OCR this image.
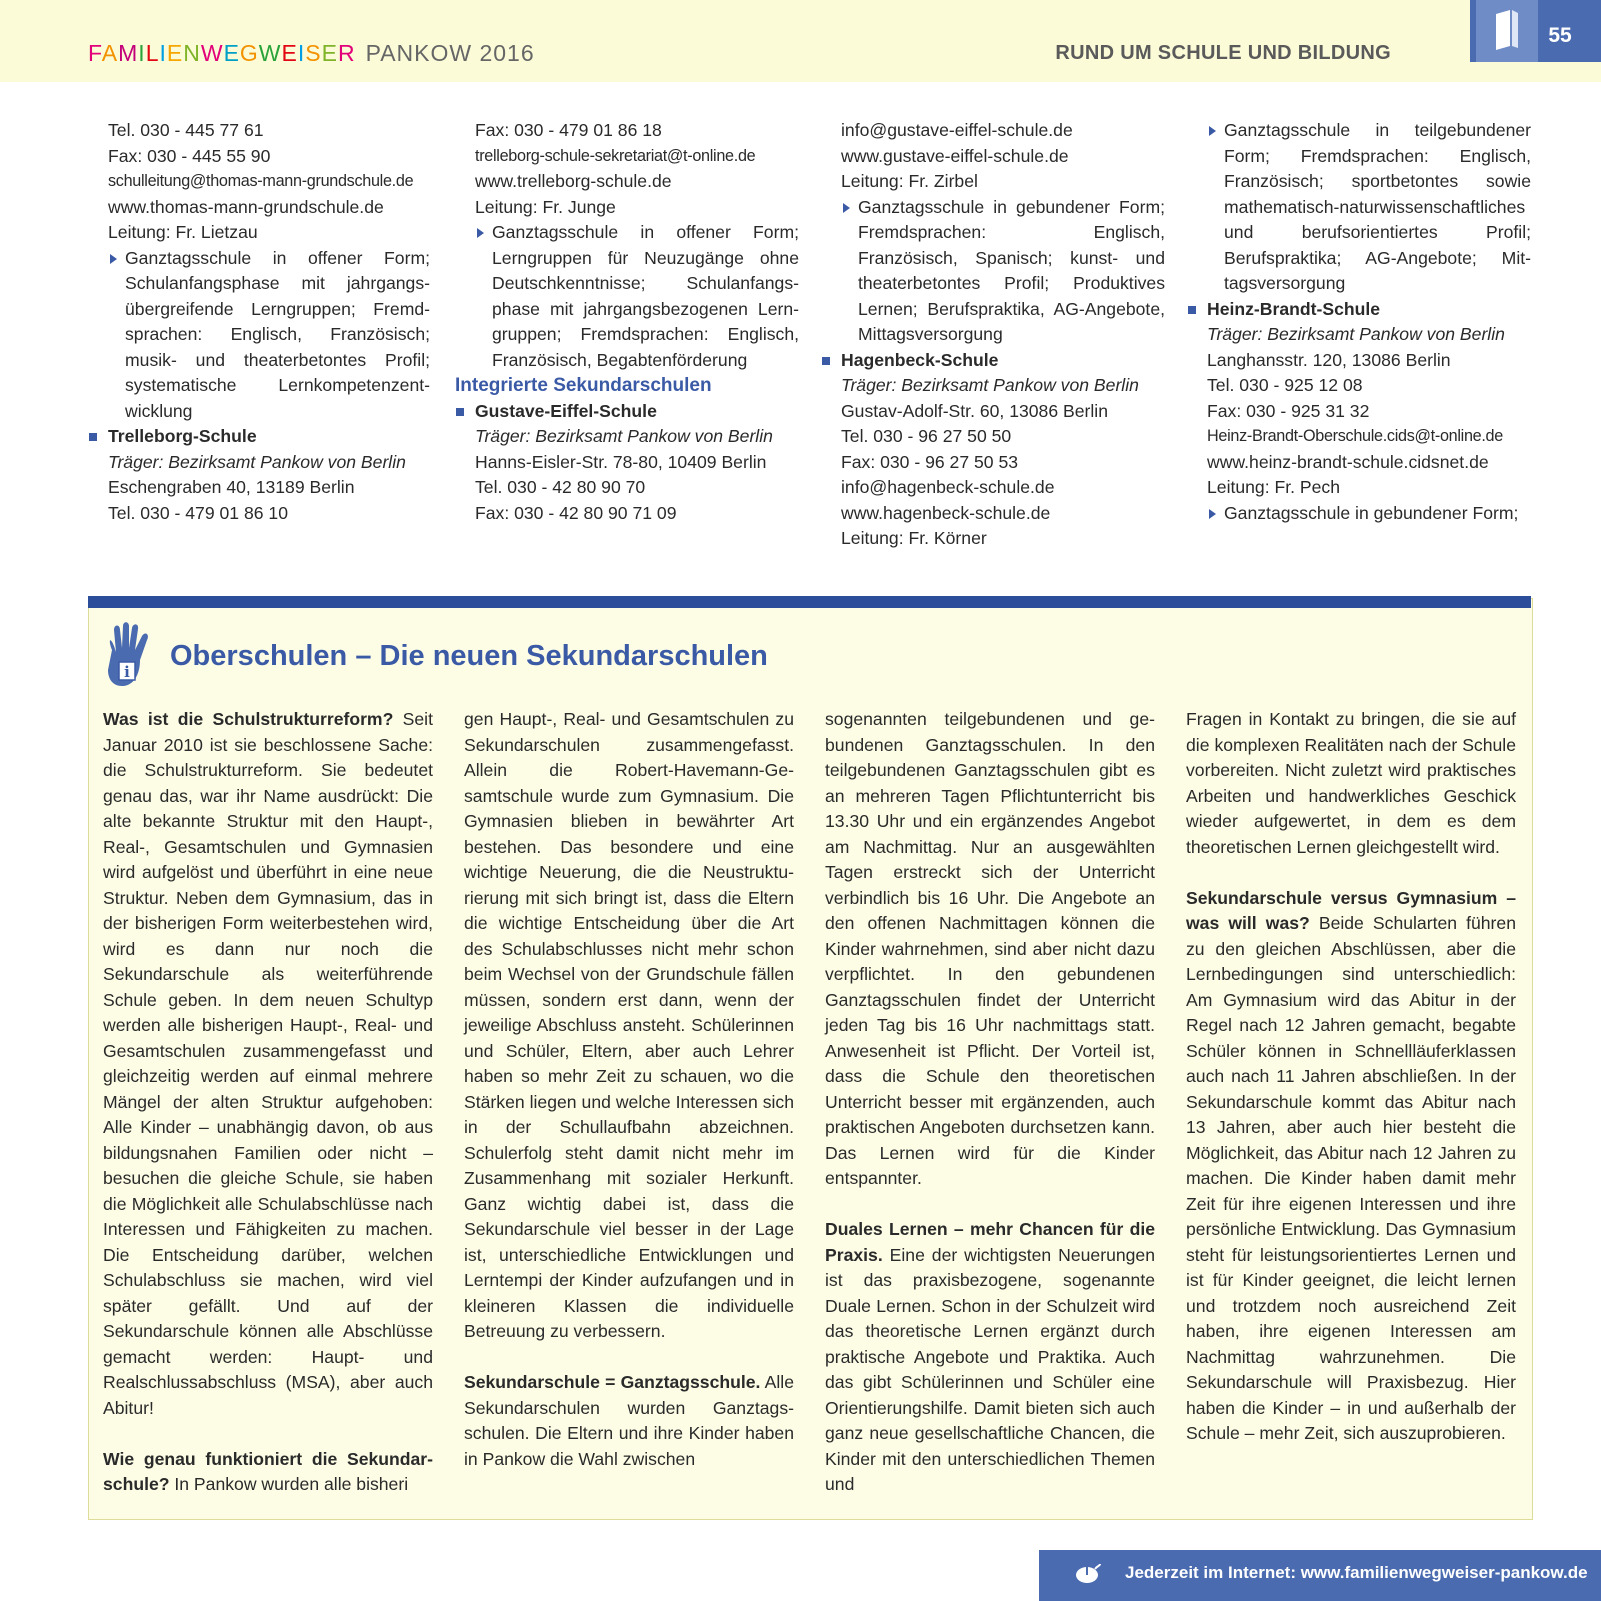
FAMILIENWEGWEISER PANKOW 2016	RUND UM SCHULE UND BILDUNG
55

Tel. 030 - 445 77 61

Fax: 030 - 445 55 90

schulleitung@thomas-mann-grundschule.de

www.thomas-mann-grundschule.de

Leitung: Fr. Lietzau

Ganztagsschule in offener Form; Schulanfangsphase mit jahrgangsübergreifende Lerngruppen; Fremdsprachen: Englisch, Französisch; musik- und theaterbetontes Profil; systematische Lernkompetenzentwicklung

Trelleborg-Schule

Träger: Bezirksamt Pankow von Berlin

Eschengraben 40, 13189 Berlin

Tel. 030 - 479 01 86 10

Fax: 030 - 479 01 86 18

trelleborg-schule-sekretariat@t-online.de

www.trelleborg-schule.de

Leitung: Fr. Junge

Ganztagsschule in offener Form; Lerngruppen für Neuzugänge ohne Deutschkenntnisse; Schulanfangsphase mit jahrgangsbezogenen Lerngruppen; Fremdsprachen: Englisch, Französisch, Begabtenförderung

Integrierte Sekundarschulen

Gustave-Eiffel-Schule

Träger: Bezirksamt Pankow von Berlin

Hanns-Eisler-Str. 78-80, 10409 Berlin

Tel. 030 - 42 80 90 70

Fax: 030 - 42 80 90 71 09

info@gustave-eiffel-schule.de

www.gustave-eiffel-schule.de

Leitung: Fr. Zirbel

Ganztagsschule in gebundener Form; Fremdsprachen: Englisch, Französisch, Spanisch; kunst- und theaterbetontes Profil; Produktives Lernen; Berufspraktika, AG-Angebote, Mittagsversorgung

Hagenbeck-Schule

Träger: Bezirksamt Pankow von Berlin

Gustav-Adolf-Str. 60, 13086 Berlin

Tel. 030 - 96 27 50 50

Fax: 030 - 96 27 50 53

info@hagenbeck-schule.de

www.hagenbeck-schule.de

Leitung: Fr. Körner

Ganztagsschule in teilgebundener Form; Fremdsprachen: Englisch, Französisch; sportbetontes sowie mathematisch-naturwissenschaftliches und berufsorientiertes Profil; Berufspraktika; AG-Angebote; Mittagsversorgung

Heinz-Brandt-Schule

Träger: Bezirksamt Pankow von Berlin

Langhansstr. 120, 13086 Berlin

Tel. 030 - 925 12 08

Fax: 030 - 925 31 32

Heinz-Brandt-Oberschule.cids@t-online.de

www.heinz-brandt-schule.cidsnet.de

Leitung: Fr. Pech

Ganztagsschule in gebundener Form;

i Oberschulen – Die neuen Sekundarschulen

Was ist die Schulstrukturreform? Seit Januar 2010 ist sie beschlossene Sache: die Schulstrukturreform. Sie bedeutet genau das, war ihr Name ausdrückt: Die alte bekannte Struktur mit den Haupt-, Real-, Gesamtschulen und Gymnasien wird aufgelöst und überführt in eine neue Struktur. Neben dem Gymnasium, das in der bisherigen Form weiterbestehen wird, wird es dann nur noch die Sekundarschule als weiterführende Schule geben. In dem neuen Schultyp werden alle bisherigen Haupt-, Real- und Gesamtschulen zusammengefasst und gleichzeitig werden auf einmal mehrere Mängel der alten Struktur aufgehoben: Alle Kinder – unabhängig davon, ob aus bildungsnahen Familien oder nicht – besuchen die gleiche Schule, sie haben die Möglichkeit alle Schulabschlüsse nach Interessen und Fähigkeiten zu machen. Die Entscheidung darüber, welchen Schulabschluss sie machen, wird viel später gefällt. Und auf der Sekundarschule können alle Abschlüsse gemacht werden: Haupt- und Realschlussabschluss (MSA), aber auch Abitur!

Wie genau funktioniert die Sekundarschule? In Pankow wurden alle bisheri

gen Haupt-, Real- und Gesamtschulen zu Sekundarschulen zusammengefasst. Allein die Robert-Havemann-Gesamtschule wurde zum Gymnasium. Die Gymnasien blieben in bewährter Art bestehen. Das besondere und eine wichtige Neuerung, die die Neustrukturierung mit sich bringt ist, dass die Eltern die wichtige Entscheidung über die Art des Schulabschlusses nicht mehr schon beim Wechsel von der Grundschule fällen müssen, sondern erst dann, wenn der jeweilige Abschluss ansteht. Schülerinnen und Schüler, Eltern, aber auch Lehrer haben so mehr Zeit zu schauen, wo die Stärken liegen und welche Interessen sich in der Schullaufbahn abzeichnen. Schulerfolg steht damit nicht mehr im Zusammenhang mit sozialer Herkunft. Ganz wichtig dabei ist, dass die Sekundarschule viel besser in der Lage ist, unterschiedliche Entwicklungen und Lerntempi der Kinder aufzufangen und in kleineren Klassen die individuelle Betreuung zu verbessern.

Sekundarschule = Ganztagsschule. Alle Sekundarschulen wurden Ganztagsschulen. Die Eltern und ihre Kinder haben in Pankow die Wahl zwischen

sogenannten teilgebundenen und gebundenen Ganztagsschulen. In den teilgebundenen Ganztagsschulen gibt es an mehreren Tagen Pflichtunterricht bis 13.30 Uhr und ein ergänzendes Angebot am Nachmittag. Nur an ausgewählten Tagen erstreckt sich der Unterricht verbindlich bis 16 Uhr. Die Angebote an den offenen Nachmittagen können die Kinder wahrnehmen, sind aber nicht dazu verpflichtet. In den gebundenen Ganztagsschulen findet der Unterricht jeden Tag bis 16 Uhr nachmittags statt. Anwesenheit ist Pflicht. Der Vorteil ist, dass die Schule den theoretischen Unterricht besser mit ergänzenden, auch praktischen Angeboten durchsetzen kann. Das Lernen wird für die Kinder entspannter.

Duales Lernen – mehr Chancen für die Praxis. Eine der wichtigsten Neuerungen ist das praxisbezogene, sogenannte Duale Lernen. Schon in der Schulzeit wird das theoretische Lernen ergänzt durch praktische Angebote und Praktika. Auch das gibt Schülerinnen und Schüler eine Orientierungshilfe. Damit bieten sich auch ganz neue gesellschaftliche Chancen, die Kinder mit den unterschiedlichen Themen und

Fragen in Kontakt zu bringen, die sie auf die komplexen Realitäten nach der Schule vorbereiten. Nicht zuletzt wird praktisches Arbeiten und handwerkliches Geschick wieder aufgewertet, in dem es dem theoretischen Lernen gleichgestellt wird.

Sekundarschule versus Gymnasium – was will was? Beide Schularten führen zu den gleichen Abschlüssen, aber die Lernbedingungen sind unterschiedlich: Am Gymnasium wird das Abitur in der Regel nach 12 Jahren gemacht, begabte Schüler können in Schnellläuferklassen auch nach 11 Jahren abschließen. In der Sekundarschule kommt das Abitur nach 13 Jahren, aber auch hier besteht die Möglichkeit, das Abitur nach 12 Jahren zu machen. Die Kinder haben damit mehr Zeit für ihre eigenen Interessen und ihre persönliche Entwicklung. Das Gymnasium steht für leistungsorientiertes Lernen und ist für Kinder geeignet, die leicht lernen und trotzdem noch ausreichend Zeit haben, ihre eigenen Interessen am Nachmittag wahrzunehmen. Die Sekundarschule will Praxisbezug. Hier haben die Kinder – in und außerhalb der Schule – mehr Zeit, sich auszuprobieren.

Jederzeit im Internet: www.familienwegweiser-pankow.de
